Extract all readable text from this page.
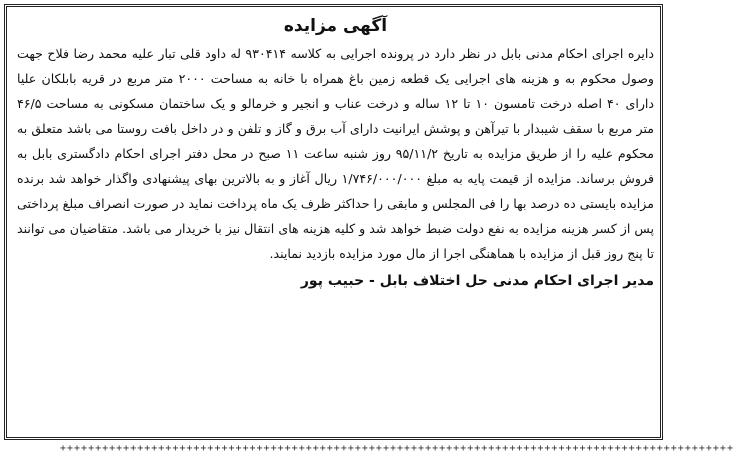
آگهی مزایده

دایره اجرای احکام مدنی بابل در نظر دارد در پرونده اجرایی به کلاسه ۹۳۰۴۱۴ له داود قلی تبار علیه محمد رضا فلاح جهت وصول محکوم به و هزینه های اجرایی یک قطعه زمین باغ همراه با خانه به مساحت ۲۰۰۰ متر مربع در قریه بابلکان علیا دارای ۴۰ اصله درخت تامسون ۱۰ تا ۱۲ ساله و درخت عناب و انجیر و خرمالو و یک ساختمان مسکونی به مساحت ۴۶/۵ متر مربع با سقف شیبدار با تیرآهن و پوشش ایرانیت دارای آب برق و گاز و تلفن و در داخل بافت روستا می باشد متعلق به محکوم علیه را از طریق مزایده به تاریخ ۹۵/۱۱/۲ روز شنبه ساعت ۱۱ صبح در محل دفتر اجرای احکام دادگستری بابل به فروش برساند. مزایده از قیمت پایه به مبلغ ۱/۷۴۶/۰۰۰/۰۰۰ ریال آغاز و به بالاترین بهای پیشنهادی واگذار خواهد شد برنده مزایده بایستی ده درصد بها را فی المجلس و مابقی را حداکثر ظرف یک ماه پرداخت نماید در صورت انصراف مبلغ پرداختی پس از کسر هزینه مزایده به نفع دولت ضبط خواهد شد و کلیه هزینه های انتقال نیز با خریدار می باشد. متقاضیان می توانند تا پنج روز قبل از مزایده با هماهنگی اجرا از مال مورد مزایده بازدید نمایند.

مدیر اجرای احکام مدنی حل اختلاف بابل - حبیب پور
++++++++++++++++++++++++++++++++++++++++++++++++++++++++++++++++++++++++++++++++++++++++++++++++
